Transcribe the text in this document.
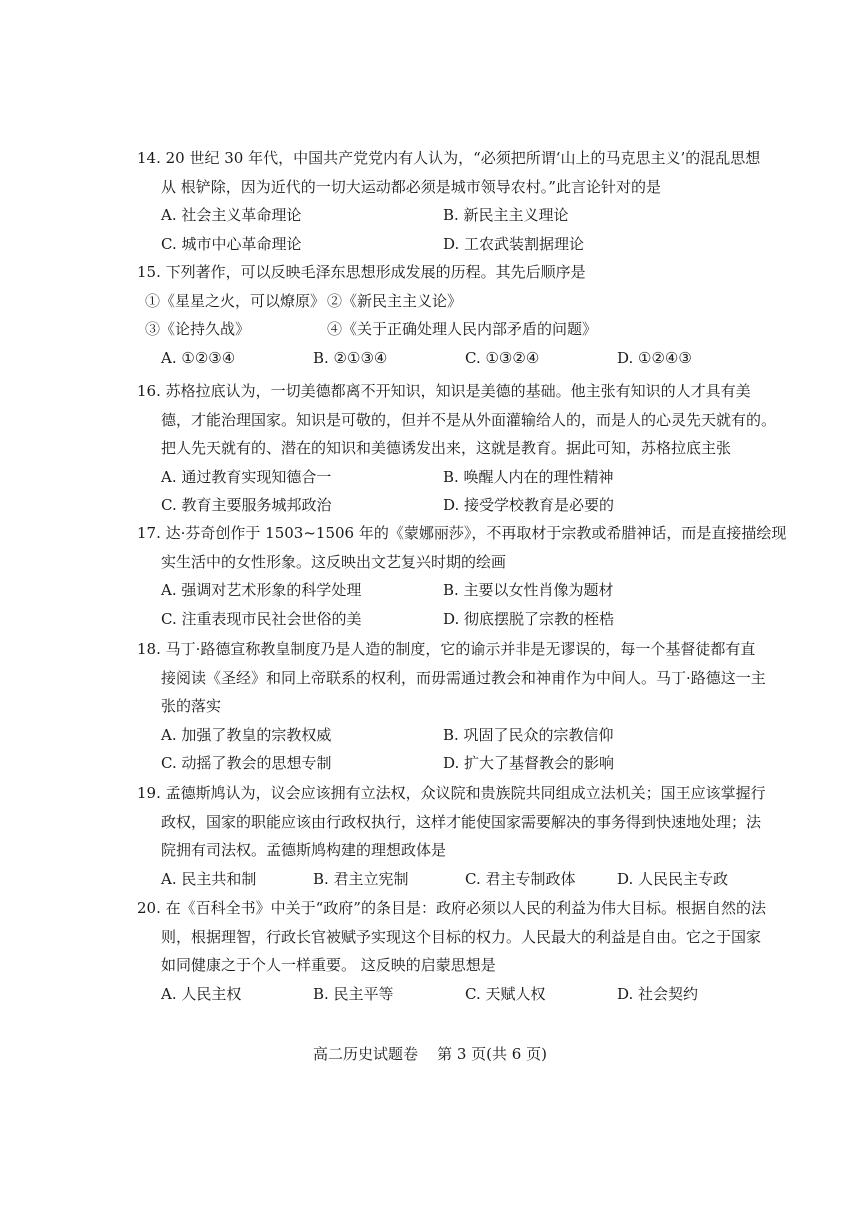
14. 20 世纪 30 年代，中国共产党党内有人认为，“必须把所谓‘山上的马克思主义’的混乱思想
从 根铲除，因为近代的一切大运动都必须是城市领导农村。”此言论针对的是
A. 社会主义革命理论	B. 新民主主义理论
C. 城市中心革命理论	D. 工农武装割据理论
15. 下列著作，可以反映毛泽东思想形成发展的历程。其先后顺序是
①《星星之火，可以燎原》 ②《新民主主义论》
③《论持久战》	④《关于正确处理人民内部矛盾的问题》
A. ①②③④	B. ②①③④	C. ①③②④	D. ①②④③
16. 苏格拉底认为，一切美德都离不开知识，知识是美德的基础。他主张有知识的人才具有美
德，才能治理国家。知识是可敬的，但并不是从外面灌输给人的，而是人的心灵先天就有的。
把人先天就有的、潜在的知识和美德诱发出来，这就是教育。据此可知，苏格拉底主张
A. 通过教育实现知德合一	B. 唤醒人内在的理性精神
C. 教育主要服务城邦政治	D. 接受学校教育是必要的
17. 达·芬奇创作于 1503~1506 年的《蒙娜丽莎》，不再取材于宗教或希腊神话，而是直接描绘现
实生活中的女性形象。这反映出文艺复兴时期的绘画
A. 强调对艺术形象的科学处理	B. 主要以女性肖像为题材
C. 注重表现市民社会世俗的美	D. 彻底摆脱了宗教的桎梏
18. 马丁·路德宣称教皇制度乃是人造的制度，它的谕示并非是无谬误的，每一个基督徒都有直
接阅读《圣经》和同上帝联系的权利，而毋需通过教会和神甫作为中间人。马丁·路德这一主
张的落实
A. 加强了教皇的宗教权威	B. 巩固了民众的宗教信仰
C. 动摇了教会的思想专制	D. 扩大了基督教会的影响
19. 孟德斯鸠认为，议会应该拥有立法权，众议院和贵族院共同组成立法机关；国王应该掌握行
政权，国家的职能应该由行政权执行，这样才能使国家需要解决的事务得到快速地处理；法
院拥有司法权。孟德斯鸠构建的理想政体是
A. 民主共和制	B. 君主立宪制	C. 君主专制政体	D. 人民民主专政
20. 在《百科全书》中关于“政府”的条目是：政府必须以人民的利益为伟大目标。根据自然的法
则，根据理智，行政长官被赋予实现这个目标的权力。人民最大的利益是自由。它之于国家
如同健康之于个人一样重要。 这反映的启蒙思想是
A. 人民主权	B. 民主平等	C. 天赋人权	D. 社会契约
高二历史试题卷    第 3 页(共 6 页)
